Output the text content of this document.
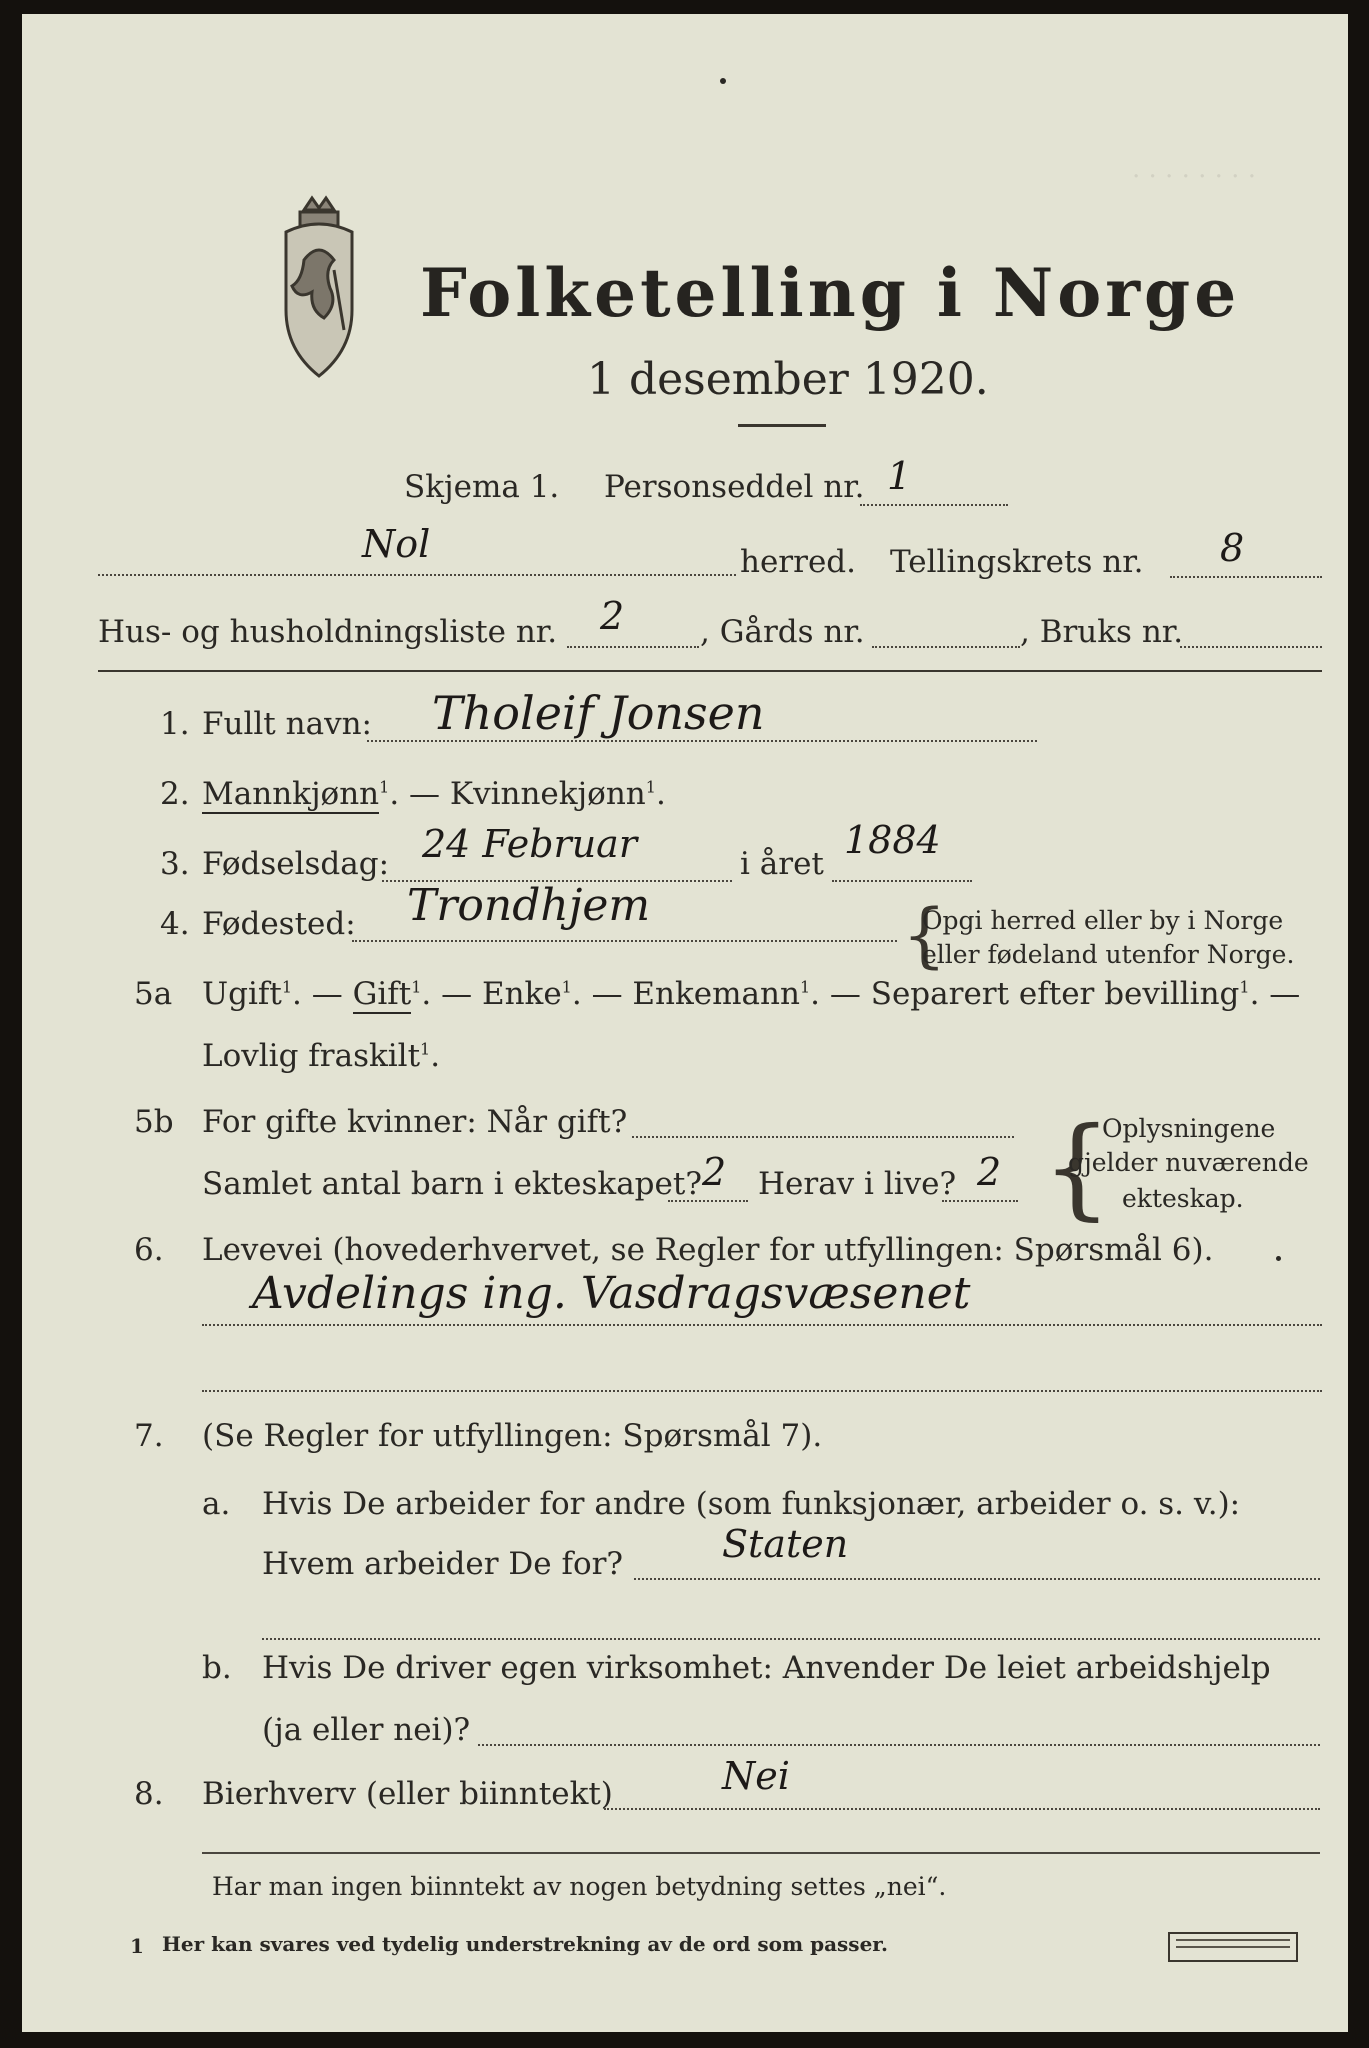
. . . . . . . .
Folketelling i Norge
1 desember 1920.
Skjema 1. Personseddel nr. 1
Nol	herred. Tellingskrets nr. 8
Hus- og husholdningsliste nr. 2 , Gårds nr.	, Bruks nr.
1. Fullt navn: Tholeif Jonsen
2. Mannkjønn$^1$. — Kvinnekjønn$^1$.
3. Fødselsdag: 24 Februar	i året
1884
4. Fødested: Trondhjem	{
Opgi herred eller by i Norge
eller fødeland utenfor Norge.
5a Ugift$^1$. — Gift$^1$. — Enke$^1$. — Enkemann$^1$. — Separert efter bevilling$^1$. —
Lovlig fraskilt$^1$.
5b For gifte kvinner: Når gift?
Samlet antal barn i ekteskapet? 2 Herav i live? 2 {
Oplysningene
gjelder nuværende
ekteskap.
6. Levevei (hovederhvervet, se Regler for utfyllingen: Spørsmål 6).
Avdelings ing. Vasdragsvæsenet
7. (Se Regler for utfyllingen: Spørsmål 7).
a. Hvis De arbeider for andre (som funksjonær, arbeider o. s. v.):
Hvem arbeider De for?	Staten
b. Hvis De driver egen virksomhet: Anvender De leiet arbeidshjelp
(ja eller nei)?
8. Bierhverv (eller biinntekt)	Nei
Har man ingen biinntekt av nogen betydning settes „nei“.
1 Her kan svares ved tydelig understrekning av de ord som passer.
